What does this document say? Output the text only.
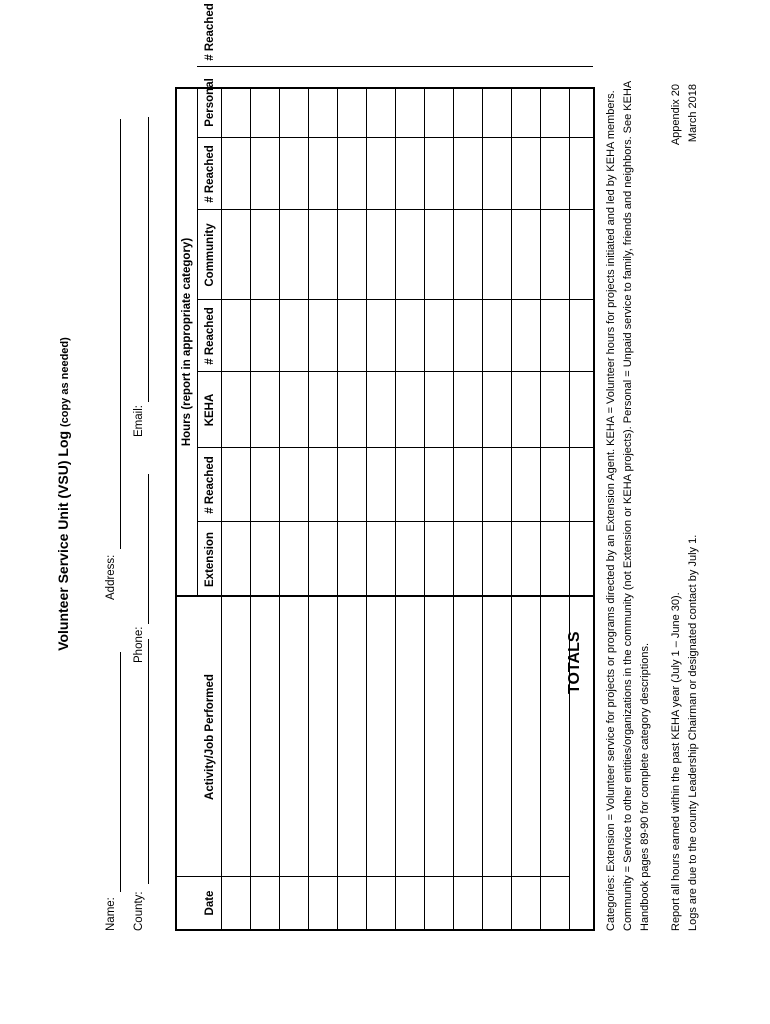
Volunteer Service Unit (VSU) Log (copy as needed)
Name:
Address:
County:
Phone:
Email:	Hours (report in appropriate category)
Date
Activity/Job Performed
Extension
# Reached
KEHA
# Reached
Community
# Reached
Personal
# Reached
TOTALS Categories: Extension = Volunteer service for projects or programs directed by an Extension Agent. KEHA = Volunteer hours for projects initiated and led by KEHA members. Community = Service to other entities/organizations in the community (not Extension or KEHA projects). Personal = Unpaid service to family, friends and neighbors. See KEHA Handbook pages 89-90 for complete category descriptions. Report all hours earned within the past KEHA year (July 1 – June 30). Logs are due to the county Leadership Chairman or designated contact by July 1.

Appendix 20 March 2018
